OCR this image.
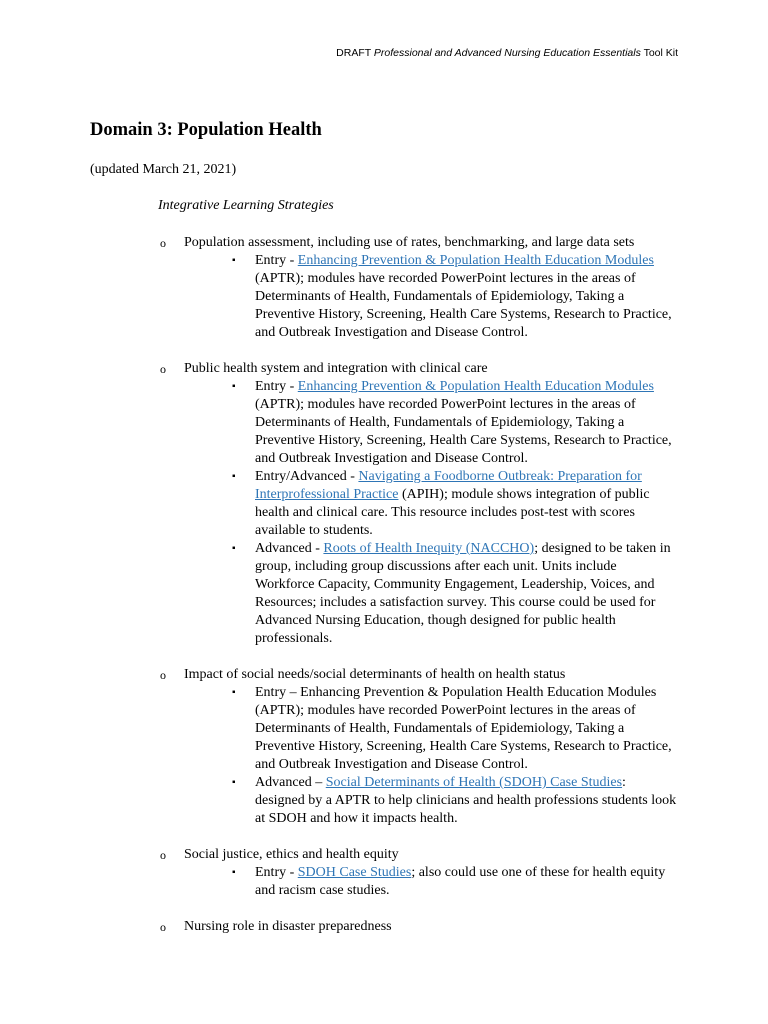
DRAFT Professional and Advanced Nursing Education Essentials Tool Kit
Domain 3: Population Health
(updated March 21, 2021)
Integrative Learning Strategies
o Population assessment, including use of rates, benchmarking, and large data sets
▪ Entry - Enhancing Prevention & Population Health Education Modules (APTR); modules have recorded PowerPoint lectures in the areas of Determinants of Health, Fundamentals of Epidemiology, Taking a Preventive History, Screening, Health Care Systems, Research to Practice, and Outbreak Investigation and Disease Control.
o Public health system and integration with clinical care
▪ Entry - Enhancing Prevention & Population Health Education Modules (APTR); modules have recorded PowerPoint lectures in the areas of Determinants of Health, Fundamentals of Epidemiology, Taking a Preventive History, Screening, Health Care Systems, Research to Practice, and Outbreak Investigation and Disease Control.
▪ Entry/Advanced - Navigating a Foodborne Outbreak: Preparation for Interprofessional Practice (APIH); module shows integration of public health and clinical care. This resource includes post-test with scores available to students.
▪ Advanced - Roots of Health Inequity (NACCHO); designed to be taken in group, including group discussions after each unit. Units include Workforce Capacity, Community Engagement, Leadership, Voices, and Resources; includes a satisfaction survey. This course could be used for Advanced Nursing Education, though designed for public health professionals.
o Impact of social needs/social determinants of health on health status
▪ Entry – Enhancing Prevention & Population Health Education Modules (APTR); modules have recorded PowerPoint lectures in the areas of Determinants of Health, Fundamentals of Epidemiology, Taking a Preventive History, Screening, Health Care Systems, Research to Practice, and Outbreak Investigation and Disease Control.
▪ Advanced – Social Determinants of Health (SDOH) Case Studies: designed by a APTR to help clinicians and health professions students look at SDOH and how it impacts health.
o Social justice, ethics and health equity
▪ Entry - SDOH Case Studies; also could use one of these for health equity and racism case studies.
o Nursing role in disaster preparedness
